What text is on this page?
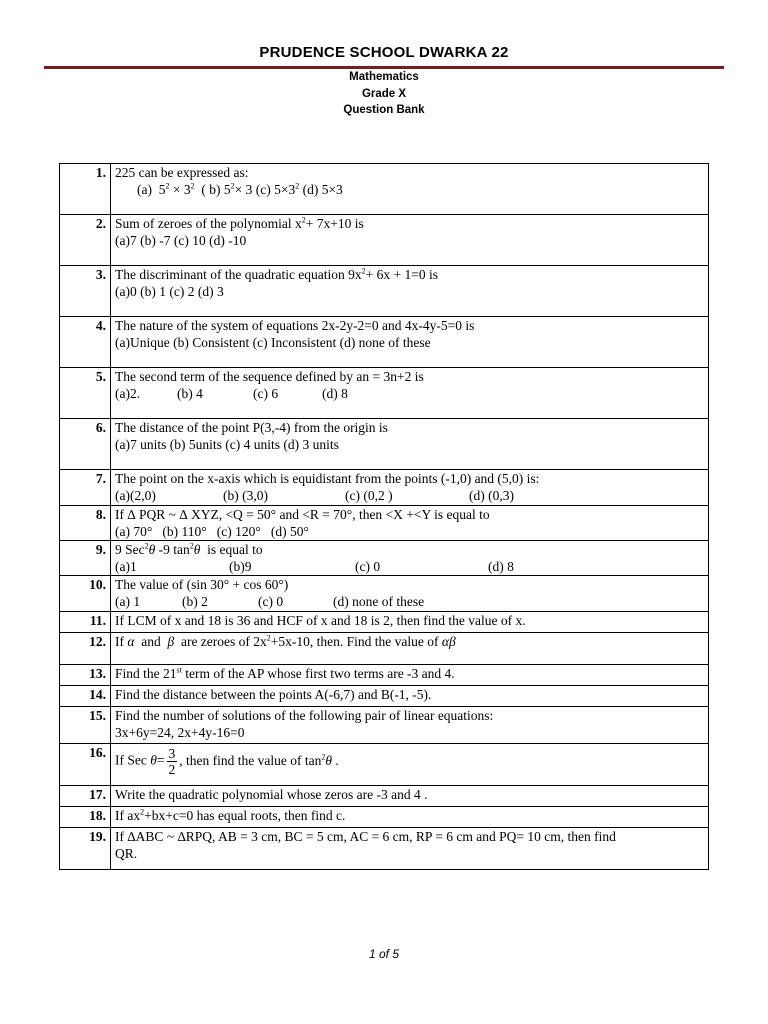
PRUDENCE SCHOOL DWARKA 22
Mathematics
Grade X
Question Bank
1.	225 can be expressed as:
(a)  $5^2 \times 3^2$  ( b) $5^2\times 3$ (c) $5\times 3^2$ (d) 5×3

2.	Sum of zeroes of the polynomial $x^2+ 7x+10$ is
(a)7 (b) -7 (c) 10 (d) -10

3.	The discriminant of the quadratic equation $9x^2+ 6x + 1=0$ is
(a)0 (b) 1 (c) 2 (d) 3

4.	The nature of the system of equations 2x-2y-2=0 and 4x-4y-5=0 is
(a)Unique (b) Consistent (c) Inconsistent (d) none of these

5.	The second term of the sequence defined by an = 3n+2 is
(a)2. (b) 4 (c) 6 (d) 8

6.	The distance of the point P(3,-4) from the origin is
(a)7 units (b) 5units (c) 4 units (d) 3 units

7.	The point on the x-axis which is equidistant from the points (-1,0) and (5,0) is:
(a)(2,0) (b) (3,0) (c) (0,2 ) (d) (0,3)

8.	If ∆ PQR ~ ∆ XYZ, <Q = 50° and <R = 70°, then <X +<Y is equal to
(a) 70°   (b) 110°   (c) 120°   (d) 50°

9.	9 Sec$^2$θ -9 $\tan^2\theta$  is equal to
(a)1 (b)9 (c) 0 (d) 8

10.	The value of (sin 30° + cos 60°)
(a) 1 (b) 2 (c) 0 (d) none of these

11.	If LCM of x and 18 is 36 and HCF of x and 18 is 2, then find the value of x.

12.	If α  and  β  are zeroes of $2x^2+5x-10$, then. Find the value of αβ

13.	Find the 21st term of the AP whose first two terms are -3 and 4.

14.	Find the distance between the points A(-6,7) and B(-1, -5).

15.	Find the number of solutions of the following pair of linear equations:
3x+6y=24, 2x+4y-16=0

16.	If Sec $\theta= \frac{3}{2}$ , then find the value of $\tan^2\theta$ .

17.	Write the quadratic polynomial whose zeros are -3 and 4 .

18.	If $ax^2+bx+c=0$ has equal roots, then find c.

19.	If ∆ABC ~ ∆RPQ, AB = 3 cm, BC = 5 cm, AC = 6 cm, RP = 6 cm and PQ= 10 cm, then find
QR.
1 of 5
